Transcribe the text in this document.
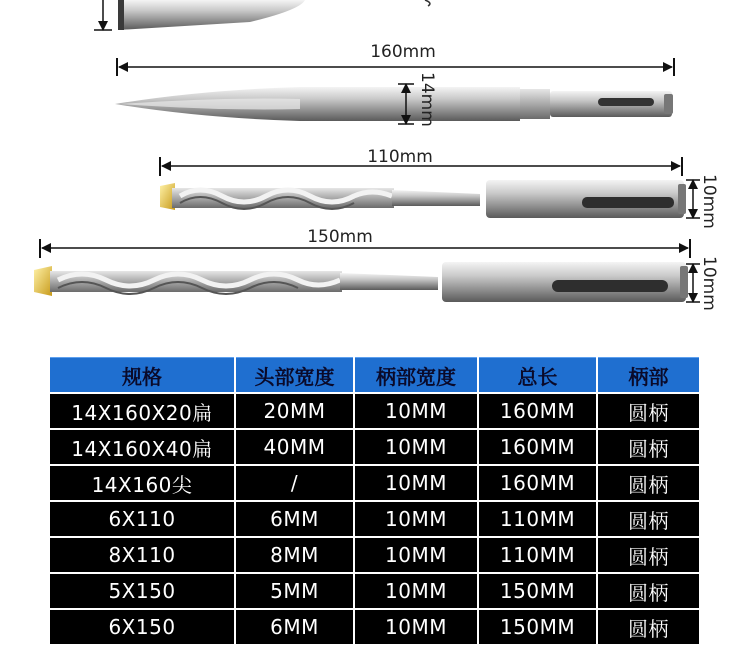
160mm
14mm
110mm
10mm
150mm
10mm
规格	头部宽度	柄部宽度	总长	柄部
14X160X20扁	20MM	10MM	160MM	圆柄
14X160X40扁	40MM	10MM	160MM	圆柄
14X160尖	/	10MM	160MM	圆柄
6X110	6MM	10MM	110MM	圆柄
8X110	8MM	10MM	110MM	圆柄
5X150	5MM	10MM	150MM	圆柄
6X150	6MM	10MM	150MM	圆柄
